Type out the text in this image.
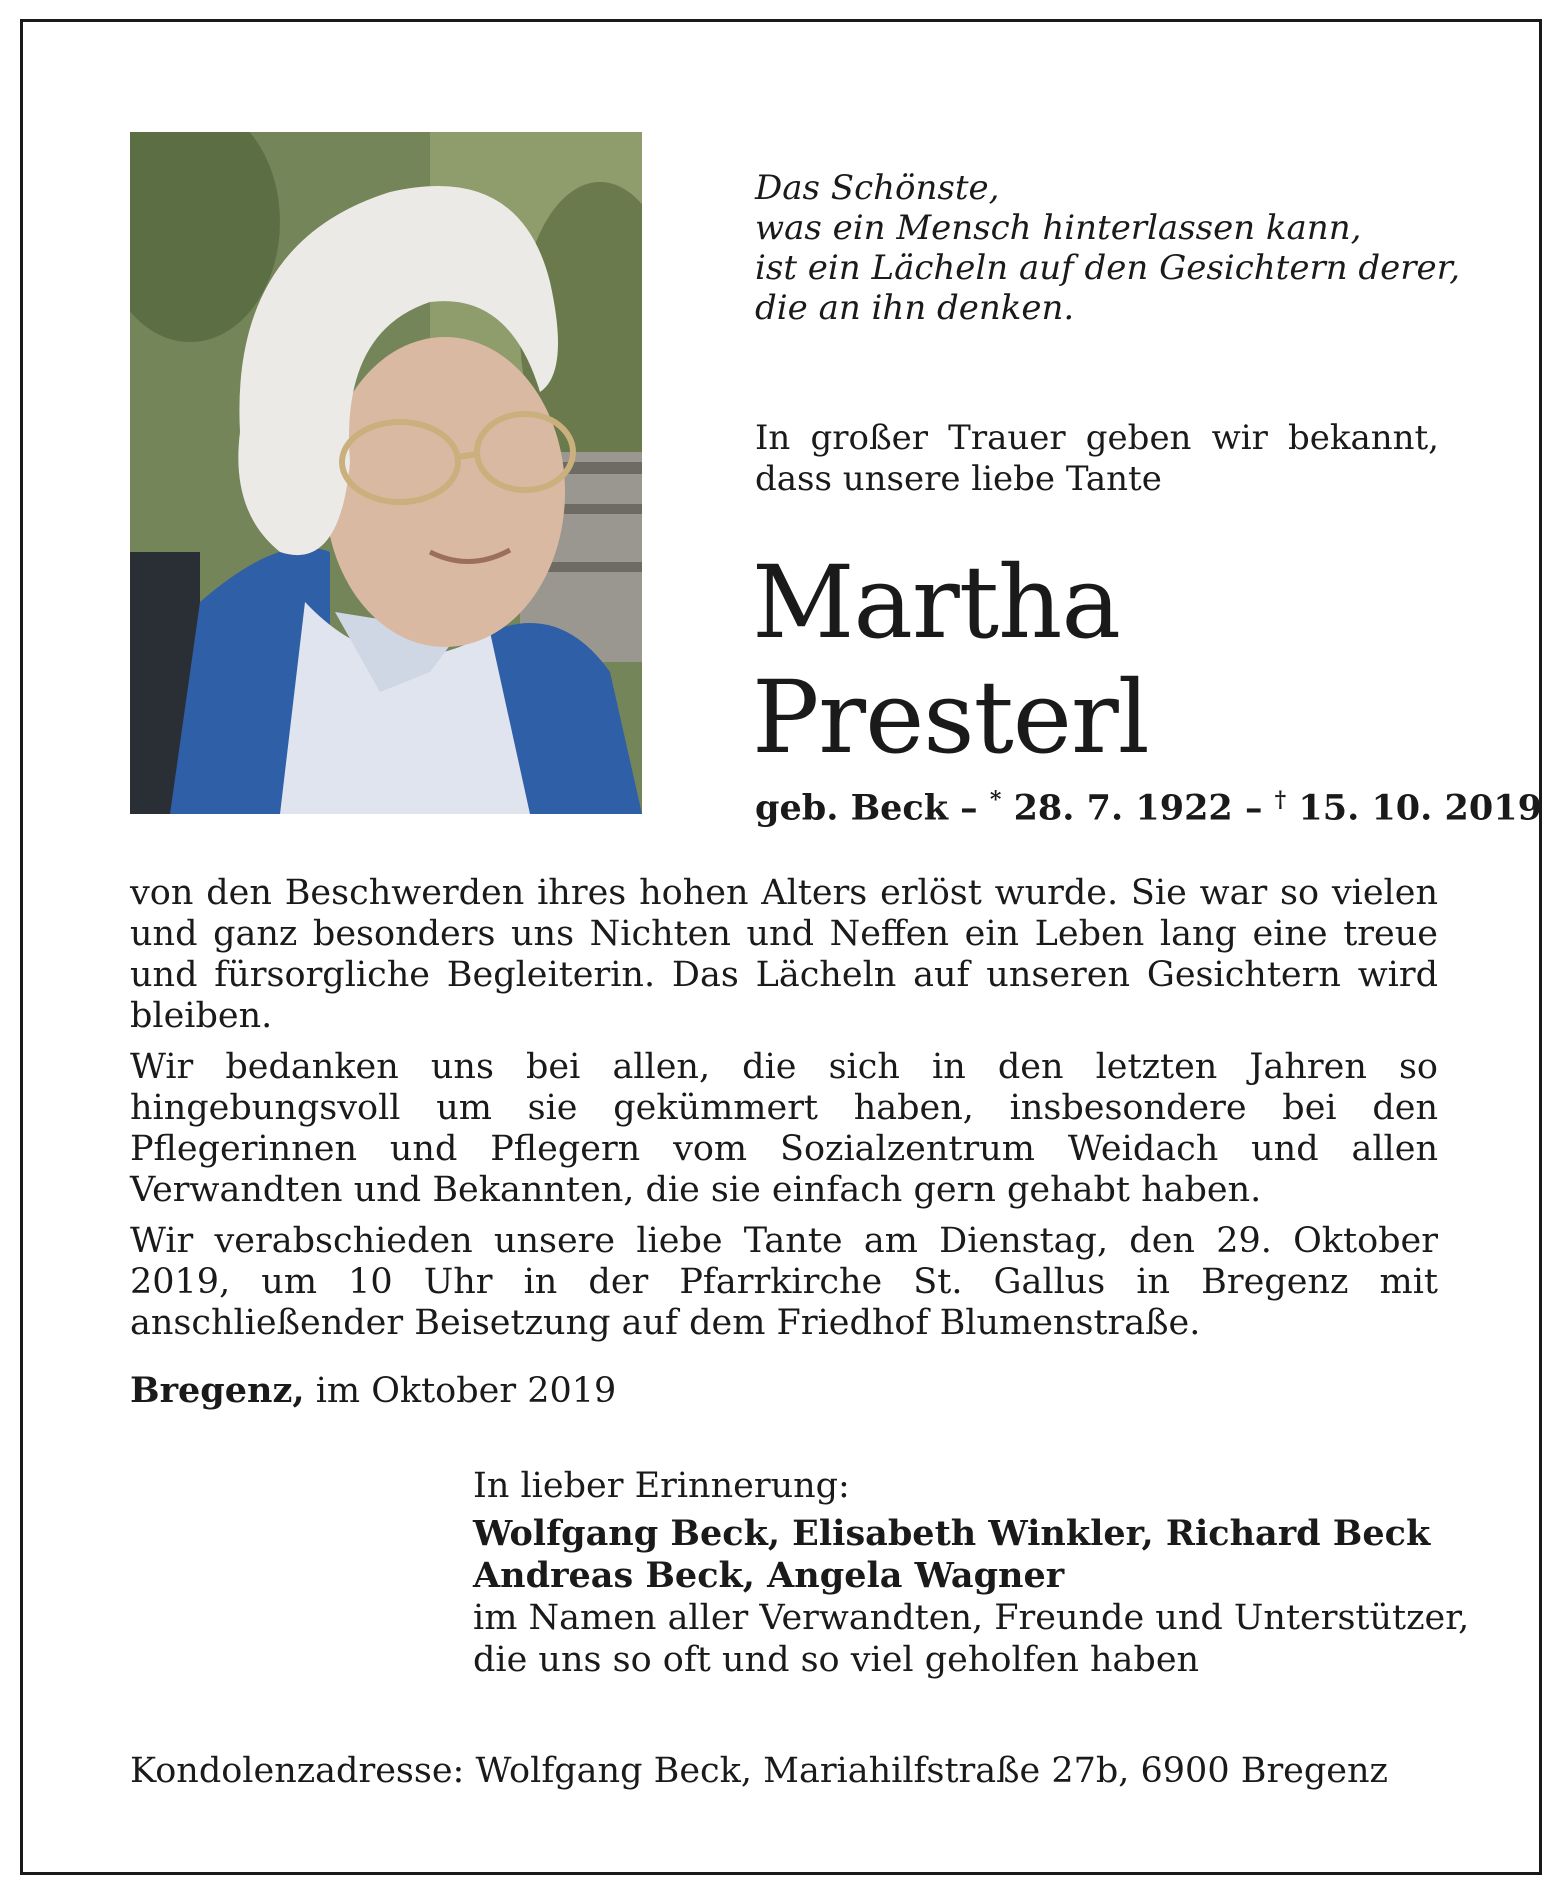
Das Schönste,
was ein Mensch hinterlassen kann,
ist ein Lächeln auf den Gesichtern derer,
die an ihn denken.

In großer Trauer geben wir bekannt, dass unsere liebe Tante

Martha
Presterl

geb. Beck – * 28. 7. 1922 – † 15. 10. 2019

von den Beschwerden ihres hohen Alters erlöst wurde. Sie war so vielen und ganz besonders uns Nichten und Neffen ein Leben lang eine treue und fürsorgliche Begleiterin. Das Lächeln auf unseren Gesichtern wird bleiben.

Wir bedanken uns bei allen, die sich in den letzten Jahren so hingebungsvoll um sie gekümmert haben, insbesondere bei den Pflegerinnen und Pflegern vom Sozialzentrum Weidach und allen Verwandten und Bekannten, die sie einfach gern gehabt haben.

Wir verabschieden unsere liebe Tante am Dienstag, den 29. Oktober 2019, um 10 Uhr in der Pfarrkirche St. Gallus in Bregenz mit anschließender Beisetzung auf dem Friedhof Blumenstraße.

Bregenz, im Oktober 2019

In lieber Erinnerung:

Wolfgang Beck, Elisabeth Winkler, Richard Beck

Andreas Beck, Angela Wagner

im Namen aller Verwandten, Freunde und Unterstützer,
die uns so oft und so viel geholfen haben

Kondolenzadresse: Wolfgang Beck, Mariahilfstraße 27b, 6900 Bregenz
